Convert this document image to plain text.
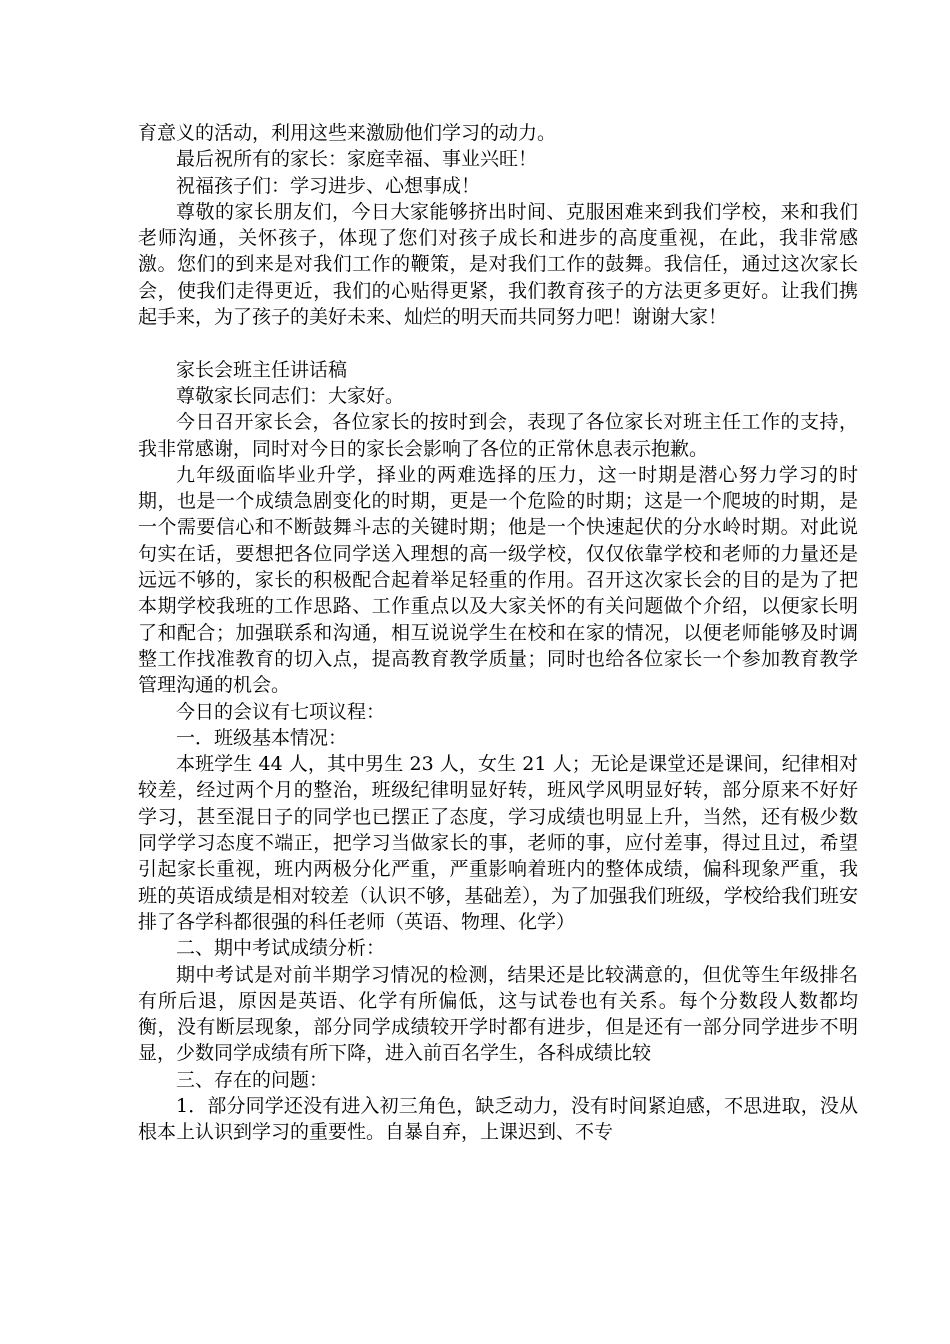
育意义的活动，利用这些来激励他们学习的动力。

最后祝所有的家长：家庭幸福、事业兴旺！

祝福孩子们：学习进步、心想事成！

尊敬的家长朋友们，今日大家能够挤出时间、克服困难来到我们学校，来和我们老师沟通，关怀孩子，体现了您们对孩子成长和进步的高度重视，在此，我非常感激。您们的到来是对我们工作的鞭策，是对我们工作的鼓舞。我信任，通过这次家长会，使我们走得更近，我们的心贴得更紧，我们教育孩子的方法更多更好。让我们携起手来，为了孩子的美好未来、灿烂的明天而共同努力吧！谢谢大家！

家长会班主任讲话稿

尊敬家长同志们：大家好。

今日召开家长会，各位家长的按时到会，表现了各位家长对班主任工作的支持，我非常感谢，同时对今日的家长会影响了各位的正常休息表示抱歉。

九年级面临毕业升学，择业的两难选择的压力，这一时期是潜心努力学习的时期，也是一个成绩急剧变化的时期，更是一个危险的时期；这是一个爬坡的时期，是一个需要信心和不断鼓舞斗志的关键时期；他是一个快速起伏的分水岭时期。对此说句实在话，要想把各位同学送入理想的高一级学校，仅仅依靠学校和老师的力量还是远远不够的，家长的积极配合起着举足轻重的作用。召开这次家长会的目的是为了把本期学校我班的工作思路、工作重点以及大家关怀的有关问题做个介绍，以便家长明了和配合；加强联系和沟通，相互说说学生在校和在家的情况，以便老师能够及时调整工作找准教育的切入点，提高教育教学质量；同时也给各位家长一个参加教育教学管理沟通的机会。

今日的会议有七项议程：

一．班级基本情况：

本班学生 44 人，其中男生 23 人，女生 21 人；无论是课堂还是课间，纪律相对较差，经过两个月的整治，班级纪律明显好转，班风学风明显好转，部分原来不好好学习，甚至混日子的同学也已摆正了态度，学习成绩也明显上升，当然，还有极少数同学学习态度不端正，把学习当做家长的事，老师的事，应付差事，得过且过，希望引起家长重视，班内两极分化严重，严重影响着班内的整体成绩，偏科现象严重，我班的英语成绩是相对较差（认识不够，基础差），为了加强我们班级，学校给我们班安排了各学科都很强的科任老师（英语、物理、化学）

二、期中考试成绩分析：

期中考试是对前半期学习情况的检测，结果还是比较满意的，但优等生年级排名有所后退，原因是英语、化学有所偏低，这与试卷也有关系。每个分数段人数都均衡，没有断层现象，部分同学成绩较开学时都有进步，但是还有一部分同学进步不明显，少数同学成绩有所下降，进入前百名学生，各科成绩比较

三、存在的问题：

1．部分同学还没有进入初三角色，缺乏动力，没有时间紧迫感，不思进取，没从根本上认识到学习的重要性。自暴自弃，上课迟到、不专
